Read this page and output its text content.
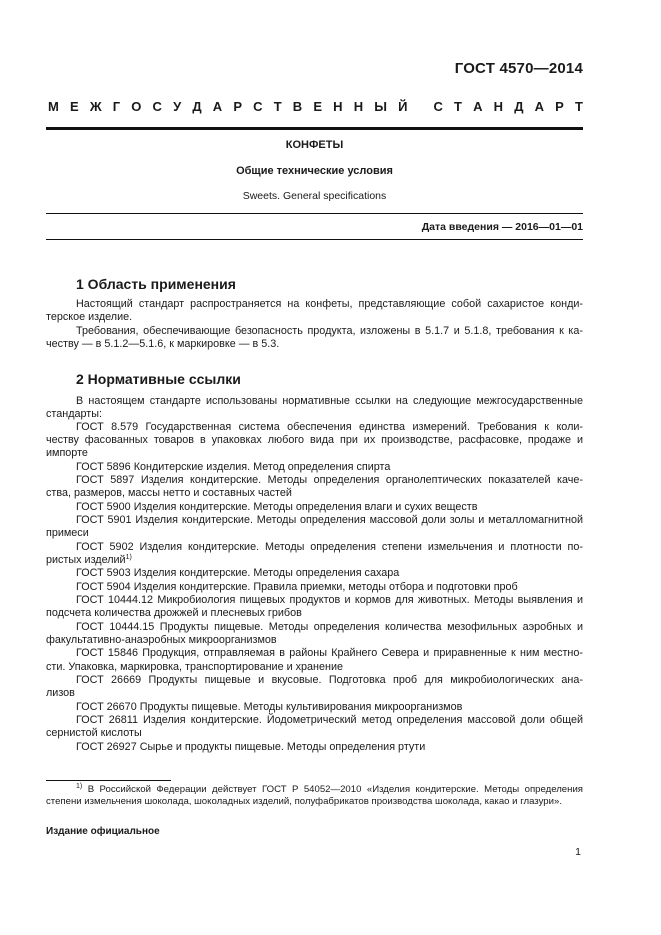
ГОСТ 4570—2014
М Е Ж Г О С У Д А Р С Т В Е Н Н Ы Й
С Т А Н Д А Р Т
КОНФЕТЫ
Общие технические условия
Sweets. General specifications
Дата введения — 2016—01—01
1 Область применения
Настоящий стандарт распространяется на конфеты, представляющие собой сахаристое конди-
терское изделие.
Требования, обеспечивающие безопасность продукта, изложены в 5.1.7 и 5.1.8, требования к ка-
честву — в 5.1.2—5.1.6, к маркировке — в 5.3.
2 Нормативные ссылки
В настоящем стандарте использованы нормативные ссылки на следующие межгосударственные
стандарты:
ГОСТ 8.579 Государственная система обеспечения единства измерений. Требования к коли-
честву фасованных товаров в упаковках любого вида при их производстве, расфасовке, продаже и
импорте
ГОСТ 5896 Кондитерские изделия. Метод определения спирта
ГОСТ 5897 Изделия кондитерские. Методы определения органолептических показателей каче-
ства, размеров, массы нетто и составных частей
ГОСТ 5900 Изделия кондитерские. Методы определения влаги и сухих веществ
ГОСТ 5901 Изделия кондитерские. Методы определения массовой доли золы и металломагнитной
примеси
ГОСТ 5902 Изделия кондитерские. Методы определения степени измельчения и плотности по-
ристых изделий$^{1)}$
ГОСТ 5903 Изделия кондитерские. Методы определения сахара
ГОСТ 5904 Изделия кондитерские. Правила приемки, методы отбора и подготовки проб
ГОСТ 10444.12 Микробиология пищевых продуктов и кормов для животных. Методы выявления и
подсчета количества дрожжей и плесневых грибов
ГОСТ 10444.15 Продукты пищевые. Методы определения количества мезофильных аэробных и
факультативно-анаэробных микроорганизмов
ГОСТ 15846 Продукция, отправляемая в районы Крайнего Севера и приравненные к ним местно-
сти. Упаковка, маркировка, транспортирование и хранение
ГОСТ 26669 Продукты пищевые и вкусовые. Подготовка проб для микробиологических ана-
лизов
ГОСТ 26670 Продукты пищевые. Методы культивирования микроорганизмов
ГОСТ 26811 Изделия кондитерские. Йодометрический метод определения массовой доли общей
сернистой кислоты
ГОСТ 26927 Сырье и продукты пищевые. Методы определения ртути
$^{1)}$ В Российской Федерации действует ГОСТ Р 54052—2010 «Изделия кондитерские. Методы определения
степени измельчения шоколада, шоколадных изделий, полуфабрикатов производства шоколада, какао и глазури».
Издание официальное
1
